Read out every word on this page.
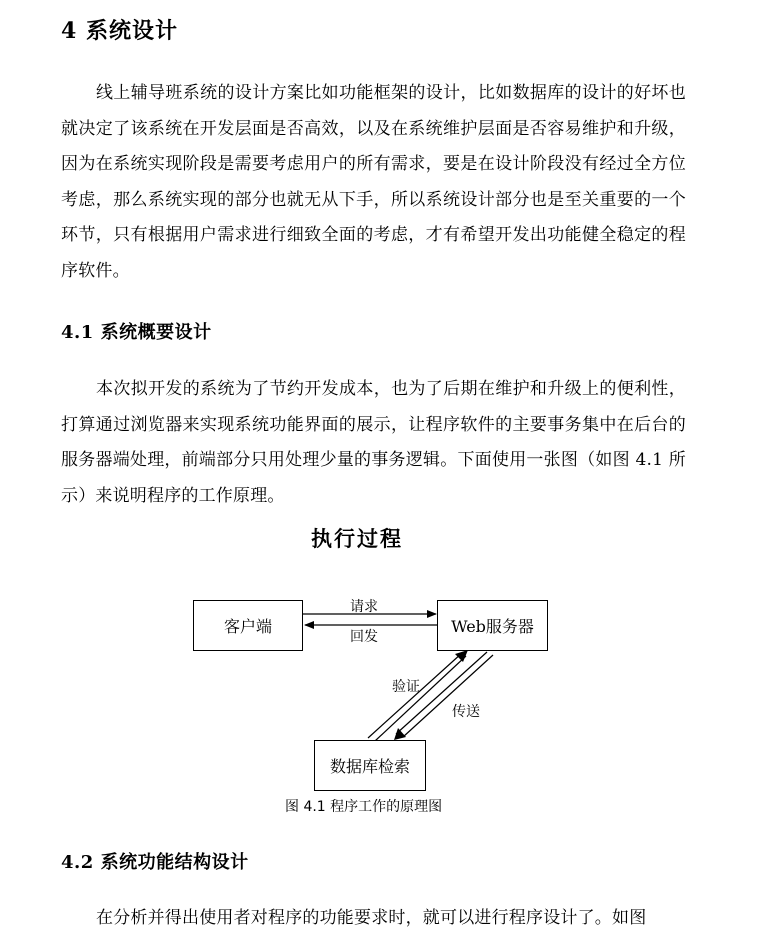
4 系统设计

线上辅导班系统的设计方案比如功能框架的设计，比如数据库的设计的好坏也就决定了该系统在开发层面是否高效，以及在系统维护层面是否容易维护和升级，因为在系统实现阶段是需要考虑用户的所有需求，要是在设计阶段没有经过全方位考虑，那么系统实现的部分也就无从下手，所以系统设计部分也是至关重要的一个环节，只有根据用户需求进行细致全面的考虑，才有希望开发出功能健全稳定的程序软件。

4.1 系统概要设计

本次拟开发的系统为了节约开发成本，也为了后期在维护和升级上的便利性，打算通过浏览器来实现系统功能界面的展示，让程序软件的主要事务集中在后台的服务器端处理，前端部分只用处理少量的事务逻辑。下面使用一张图（如图 4.1 所示）来说明程序的工作原理。

执行过程
客户端	Web服务器
数据库检索
请求
回发
验证
传送
图 4.1 程序工作的原理图
4.2 系统功能结构设计

在分析并得出使用者对程序的功能要求时，就可以进行程序设计了。如图
